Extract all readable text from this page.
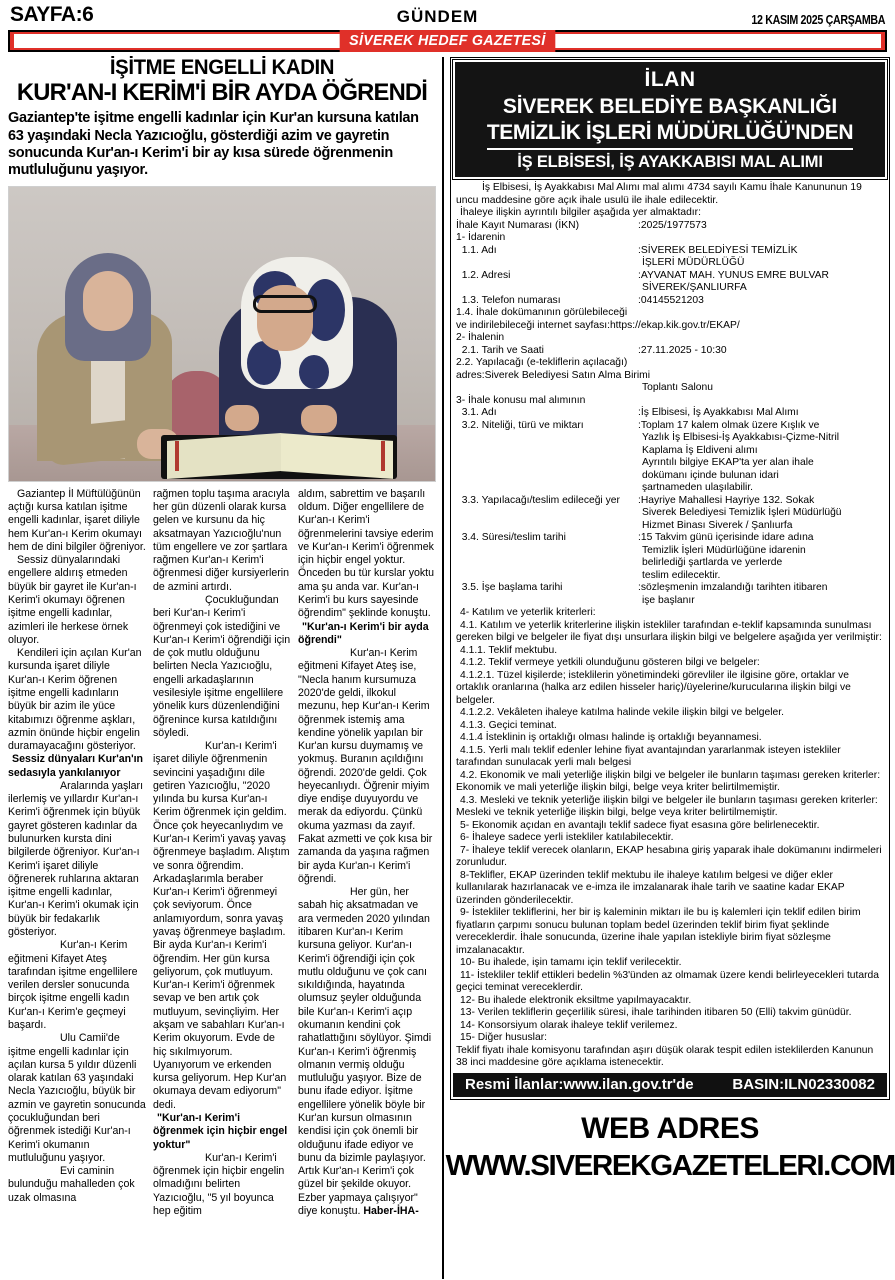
SAYFA:6	GÜNDEM	12 KASIM 2025 ÇARŞAMBA
SİVEREK HEDEF GAZETESİ
İŞİTME ENGELLİ KADIN
KUR'AN-I KERİM'İ BİR AYDA ÖĞRENDİ
Gaziantep'te işitme engelli kadınlar için Kur'an kursuna katılan 63 yaşındaki Necla Yazıcıoğlu, gösterdiği azim ve gayretin sonucunda Kur'an-ı Kerim'i bir ay kısa sürede öğrenmenin mutluluğunu yaşıyor.

Gaziantep İl Müftülüğünün açtığı kursa katılan işitme engelli kadınlar, işaret diliyle hem Kur'an-ı Kerim okumayı hem de dini bilgiler öğreniyor.

Sessiz dünyalarındaki engellere aldırış etmeden büyük bir gayret ile Kur'an-ı Kerim'i okumayı öğrenen işitme engelli kadınlar, azimleri ile herkese örnek oluyor.

Kendileri için açılan Kur'an kursunda işaret diliyle Kur'an-ı Kerim öğrenen işitme engelli kadınların büyük bir azim ile yüce kitabımızı öğrenme aşkları, azmin önünde hiçbir engelin duramayacağını gösteriyor.

Sessiz dünyaları Kur'an'ın sedasıyla yankılanıyor

Aralarında yaşları ilerlemiş ve yıllardır Kur'an-ı Kerim'i öğrenmek için büyük gayret gösteren kadınlar da bulunurken kursta dini bilgilerde öğreniyor. Kur'an-ı Kerim'i işaret diliyle öğrenerek ruhlarına aktaran işitme engelli kadınlar, Kur'an-ı Kerim'i okumak için büyük bir fedakarlık gösteriyor.

Kur'an-ı Kerim eğitmeni Kifayet Ateş tarafından işitme engellilere verilen dersler sonucunda birçok işitme engelli kadın Kur'an-ı Kerim'e geçmeyi başardı.

Ulu Camii'de işitme engelli kadınlar için açılan kursa 5 yıldır düzenli olarak katılan 63 yaşındaki Necla Yazıcıoğlu, büyük bir azmin ve gayretin sonucunda çocukluğundan beri öğrenmek istediği Kur'an-ı Kerim'i okumanın mutluluğunu yaşıyor.

Evi caminin bulunduğu mahalleden çok uzak olmasına

rağmen toplu taşıma aracıyla her gün düzenli olarak kursa gelen ve kursunu da hiç aksatmayan Yazıcıoğlu'nun tüm engellere ve zor şartlara rağmen Kur'an-ı Kerim'i öğrenmesi diğer kursiyerlerin de azmini artırdı.

Çocukluğundan beri Kur'an-ı Kerim'i öğrenmeyi çok istediğini ve Kur'an-ı Kerim'i öğrendiği için de çok mutlu olduğunu belirten Necla Yazıcıoğlu, engelli arkadaşlarının vesilesiyle işitme engellilere yönelik kurs düzenlendiğini öğrenince kursa katıldığını söyledi.

Kur'an-ı Kerim'i işaret diliyle öğrenmenin sevincini yaşadığını dile getiren Yazıcıoğlu, "2020 yılında bu kursa Kur'an-ı Kerim öğrenmek için geldim. Önce çok heyecanlıydım ve Kur'an-ı Kerim'i yavaş yavaş öğrenmeye başladım. Alıştım ve sonra öğrendim. Arkadaşlarımla beraber Kur'an-ı Kerim'i öğrenmeyi çok seviyorum. Önce anlamıyordum, sonra yavaş yavaş öğrenmeye başladım. Bir ayda Kur'an-ı Kerim'i öğrendim. Her gün kursa geliyorum, çok mutluyum. Kur'an-ı Kerim'i öğrenmek sevap ve ben artık çok mutluyum, sevinçliyim. Her akşam ve sabahları Kur'an-ı Kerim okuyorum. Evde de hiç sıkılmıyorum. Uyanıyorum ve erkenden kursa geliyorum. Hep Kur'an okumaya devam ediyorum" dedi.

"Kur'an-ı Kerim'i öğrenmek için hiçbir engel yoktur"

Kur'an-ı Kerim'i öğrenmek için hiçbir engelin olmadığını belirten Yazıcıoğlu, "5 yıl boyunca hep eğitim

aldım, sabrettim ve başarılı oldum. Diğer engellilere de Kur'an-ı Kerim'i öğrenmelerini tavsiye ederim ve Kur'an-ı Kerim'i öğrenmek için hiçbir engel yoktur. Önceden bu tür kurslar yoktu ama şu anda var. Kur'an-ı Kerim'i bu kurs sayesinde öğrendim" şeklinde konuştu.

"Kur'an-ı Kerim'i bir ayda öğrendi"

Kur'an-ı Kerim eğitmeni Kifayet Ateş ise, "Necla hanım kursumuza 2020'de geldi, ilkokul mezunu, hep Kur'an-ı Kerim öğrenmek istemiş ama kendine yönelik yapılan bir Kur'an kursu duymamış ve yokmuş. Buranın açıldığını öğrendi. 2020'de geldi. Çok heyecanlıydı. Öğrenir miyim diye endişe duyuyordu ve merak da ediyordu. Çünkü okuma yazması da zayıf. Fakat azmetti ve çok kısa bir zamanda da yaşına rağmen bir ayda Kur'an-ı Kerim'i öğrendi.

Her gün, her sabah hiç aksatmadan ve ara vermeden 2020 yılından itibaren Kur'an-ı Kerim kursuna geliyor. Kur'an-ı Kerim'i öğrendiği için çok mutlu olduğunu ve çok canı sıkıldığında, hayatında olumsuz şeyler olduğunda bile Kur'an-ı Kerim'i açıp okumanın kendini çok rahatlattığını söylüyor. Şimdi Kur'an-ı Kerim'i öğrenmiş olmanın vermiş olduğu mutluluğu yaşıyor. Bize de bunu ifade ediyor. İşitme engellilere yönelik böyle bir Kur'an kursun olmasının kendisi için çok önemli bir olduğunu ifade ediyor ve bunu da bizimle paylaşıyor. Artık Kur'an-ı Kerim'i çok güzel bir şekilde okuyor. Ezber yapmaya çalışıyor" diye konuştu. Haber-İHA-

İLAN
SİVEREK BELEDİYE BAŞKANLIĞI
TEMİZLİK İŞLERİ MÜDÜRLÜĞÜ'NDEN
İŞ ELBİSESİ, İŞ AYAKKABISI MAL ALIMI

İş Elbisesi, İş Ayakkabısı Mal Alımı mal alımı 4734 sayılı Kamu İhale Kanununun 19 uncu maddesine göre açık ihale usulü ile ihale edilecektir.

İhaleye ilişkin ayrıntılı bilgiler aşağıda yer almaktadır:

İhale Kayıt Numarası (İKN)	:2025/1977573

1- İdarenin

1.1. Adı	:SİVEREK BELEDİYESİ TEMİZLİK

İŞLERİ MÜDÜRLÜĞÜ

1.2. Adresi	:AYVANAT MAH. YUNUS EMRE BULVAR

SİVEREK/ŞANLIURFA

1.3. Telefon numarası	:04145521203

1.4. İhale dokümanının görülebileceği

ve indirilebileceği internet sayfası:https://ekap.kik.gov.tr/EKAP/

2- İhalenin

2.1. Tarih ve Saati	:27.11.2025 - 10:30

2.2. Yapılacağı (e-tekliflerin açılacağı)

adres:Siverek Belediyesi Satın Alma Birimi

Toplantı Salonu

3- İhale konusu mal alımının

3.1. Adı	:İş Elbisesi, İş Ayakkabısı Mal Alımı
3.2. Niteliği, türü ve miktarı	:Toplam 17 kalem olmak üzere Kışlık ve

Yazlık İş Elbisesi-İş Ayakkabısı-Çizme-Nitril

Kaplama İş Eldiveni alımı

Ayrıntılı bilgiye EKAP'ta yer alan ihale

dokümanı içinde bulunan idari

şartnameden ulaşılabilir.

3.3. Yapılacağı/teslim edileceği yer	:Hayriye Mahallesi Hayriye 132. Sokak

Siverek Belediyesi Temizlik İşleri Müdürlüğü

Hizmet Binası Siverek / Şanlıurfa

3.4. Süresi/teslim tarihi	:15 Takvim günü içerisinde idare adına

Temizlik İşleri Müdürlüğüne idarenin

belirlediği şartlarda ve yerlerde

teslim edilecektir.

3.5. İşe başlama tarihi	:sözleşmenin imzalandığı tarihten itibaren

işe başlanır

4- Katılım ve yeterlik kriterleri:

4.1. Katılım ve yeterlik kriterlerine ilişkin istekliler tarafından e-teklif kapsamında sunulması gereken bilgi ve belgeler ile fiyat dışı unsurlara ilişkin bilgi ve belgelere aşağıda yer verilmiştir:

4.1.1. Teklif mektubu.

4.1.2. Teklif vermeye yetkili olunduğunu gösteren bilgi ve belgeler:

4.1.2.1. Tüzel kişilerde; isteklilerin yönetimindeki görevliler ile ilgisine göre, ortaklar ve ortaklık oranlarına (halka arz edilen hisseler hariç)/üyelerine/kurucularına ilişkin bilgi ve belgeler.

4.1.2.2. Vekâleten ihaleye katılma halinde vekile ilişkin bilgi ve belgeler.

4.1.3. Geçici teminat.

4.1.4 İsteklinin iş ortaklığı olması halinde iş ortaklığı beyannamesi.

4.1.5. Yerli malı teklif edenler lehine fiyat avantajından yararlanmak isteyen istekliler tarafından sunulacak yerli malı belgesi

4.2. Ekonomik ve mali yeterliğe ilişkin bilgi ve belgeler ile bunların taşıması gereken kriterler: Ekonomik ve mali yeterliğe ilişkin bilgi, belge veya kriter belirtilmemiştir.

4.3. Mesleki ve teknik yeterliğe ilişkin bilgi ve belgeler ile bunların taşıması gereken kriterler: Mesleki ve teknik yeterliğe ilişkin bilgi, belge veya kriter belirtilmemiştir.

5- Ekonomik açıdan en avantajlı teklif sadece fiyat esasına göre belirlenecektir.

6- İhaleye sadece yerli istekliler katılabilecektir.

7- İhaleye teklif verecek olanların, EKAP hesabına giriş yaparak ihale dokümanını indirmeleri zorunludur.

8-Teklifler, EKAP üzerinden teklif mektubu ile ihaleye katılım belgesi ve diğer ekler kullanılarak hazırlanacak ve e-imza ile imzalanarak ihale tarih ve saatine kadar EKAP üzerinden gönderilecektir.

9- İstekliler tekliflerini, her bir iş kaleminin miktarı ile bu iş kalemleri için teklif edilen birim fiyatların çarpımı sonucu bulunan toplam bedel üzerinden teklif birim fiyat şeklinde vereceklerdir. İhale sonucunda, üzerine ihale yapılan istekliyle birim fiyat sözleşme imzalanacaktır.

10- Bu ihalede, işin tamamı için teklif verilecektir.

11- İstekliler teklif ettikleri bedelin %3'ünden az olmamak üzere kendi belirleyecekleri tutarda geçici teminat vereceklerdir.

12- Bu ihalede elektronik eksiltme yapılmayacaktır.

13- Verilen tekliflerin geçerlilik süresi, ihale tarihinden itibaren 50 (Elli) takvim günüdür.

14- Konsorsiyum olarak ihaleye teklif verilemez.

15- Diğer hususlar:

Teklif fiyatı ihale komisyonu tarafından aşırı düşük olarak tespit edilen isteklilerden Kanunun 38 inci maddesine göre açıklama istenecektir.

Resmi İlanlar:www.ilan.gov.tr'de	BASIN:ILN02330082
WEB ADRES
WWW.SIVEREKGAZETELERI.COM
